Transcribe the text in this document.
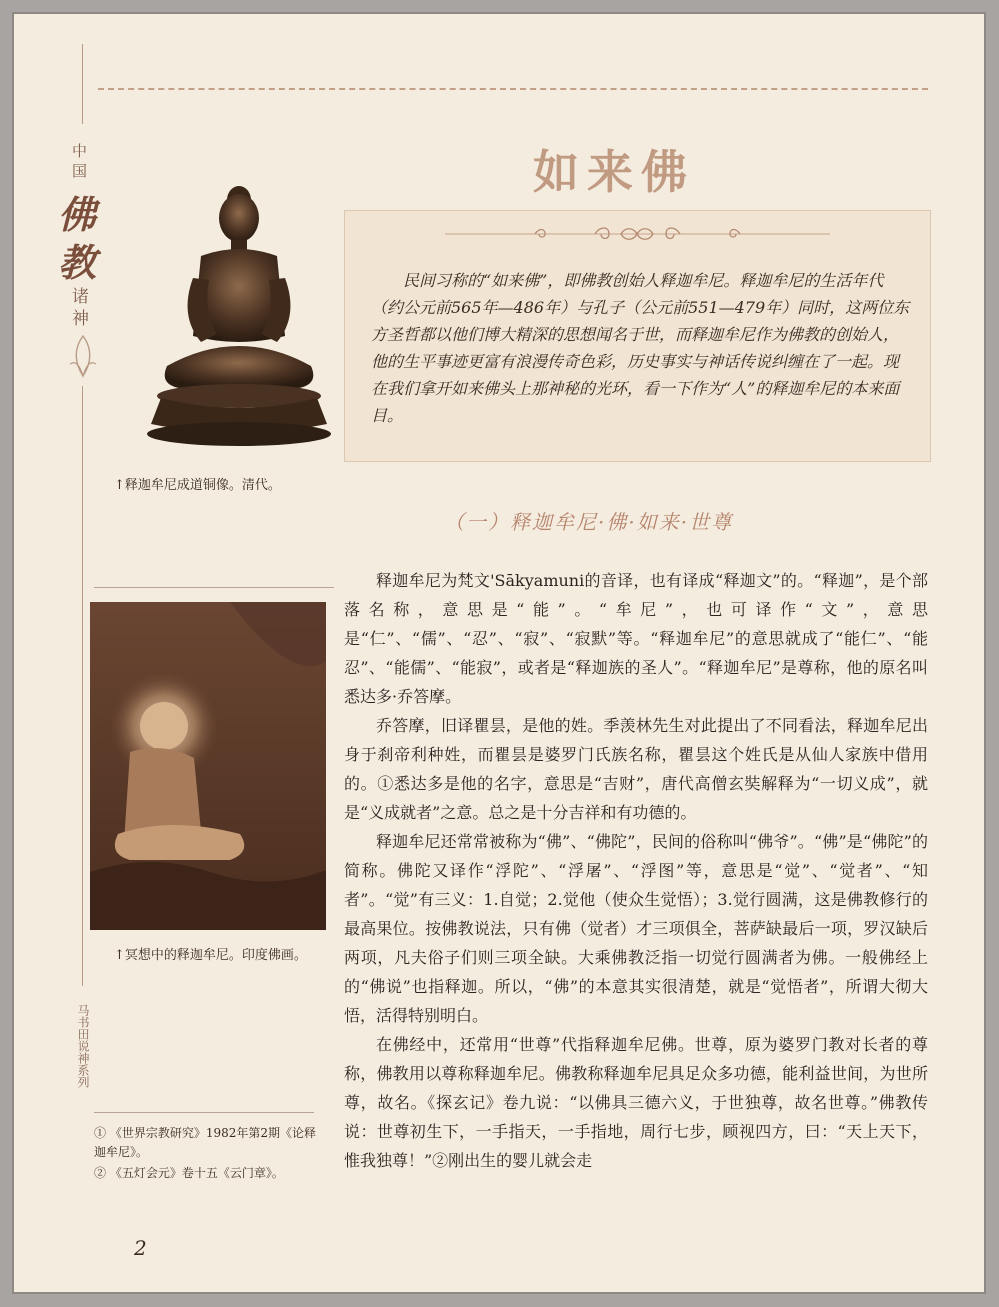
中
国
佛
教
诸
神
马书田说神系列
如来佛

民间习称的“如来佛”，即佛教创始人释迦牟尼。释迦牟尼的生活年代（约公元前565年—486年）与孔子（公元前551—479年）同时，这两位东方圣哲都以他们博大精深的思想闻名于世，而释迦牟尼作为佛教的创始人，他的生平事迹更富有浪漫传奇色彩，历史事实与神话传说纠缠在了一起。现在我们拿开如来佛头上那神秘的光环，看一下作为“人”的释迦牟尼的本来面目。

↑释迦牟尼成道铜像。清代。
（一）释迦牟尼·佛·如来·世尊

↑冥想中的释迦牟尼。印度佛画。

① 《世界宗教研究》1982年第2期《论释迦牟尼》。

② 《五灯会元》卷十五《云门章》。

释迦牟尼为梵文'Sākyamuni的音译，也有译成“释迦文”的。“释迦”，是个部落名称，意思是“能”。“牟尼”，也可译作“文”，意思是“仁”、“儒”、“忍”、“寂”、“寂默”等。“释迦牟尼”的意思就成了“能仁”、“能忍”、“能儒”、“能寂”，或者是“释迦族的圣人”。“释迦牟尼”是尊称，他的原名叫悉达多·乔答摩。

乔答摩，旧译瞿昙，是他的姓。季羡林先生对此提出了不同看法，释迦牟尼出身于刹帝利种姓，而瞿昙是婆罗门氏族名称，瞿昙这个姓氏是从仙人家族中借用的。①悉达多是他的名字，意思是“吉财”，唐代高僧玄奘解释为“一切义成”，就是“义成就者”之意。总之是十分吉祥和有功德的。

释迦牟尼还常常被称为“佛”、“佛陀”，民间的俗称叫“佛爷”。“佛”是“佛陀”的简称。佛陀又译作“浮陀”、“浮屠”、“浮图”等，意思是“觉”、“觉者”、“知者”。“觉”有三义：1.自觉；2.觉他（使众生觉悟）；3.觉行圆满，这是佛教修行的最高果位。按佛教说法，只有佛（觉者）才三项俱全，菩萨缺最后一项，罗汉缺后两项，凡夫俗子们则三项全缺。大乘佛教泛指一切觉行圆满者为佛。一般佛经上的“佛说”也指释迦。所以，“佛”的本意其实很清楚，就是“觉悟者”，所谓大彻大悟，活得特别明白。

在佛经中，还常用“世尊”代指释迦牟尼佛。世尊，原为婆罗门教对长者的尊称，佛教用以尊称释迦牟尼。佛教称释迦牟尼具足众多功德，能利益世间，为世所尊，故名。《探玄记》卷九说：“以佛具三德六义，于世独尊，故名世尊。”佛教传说：世尊初生下，一手指天，一手指地，周行七步，顾视四方，曰：“天上天下，惟我独尊！”②刚出生的婴儿就会走

2
